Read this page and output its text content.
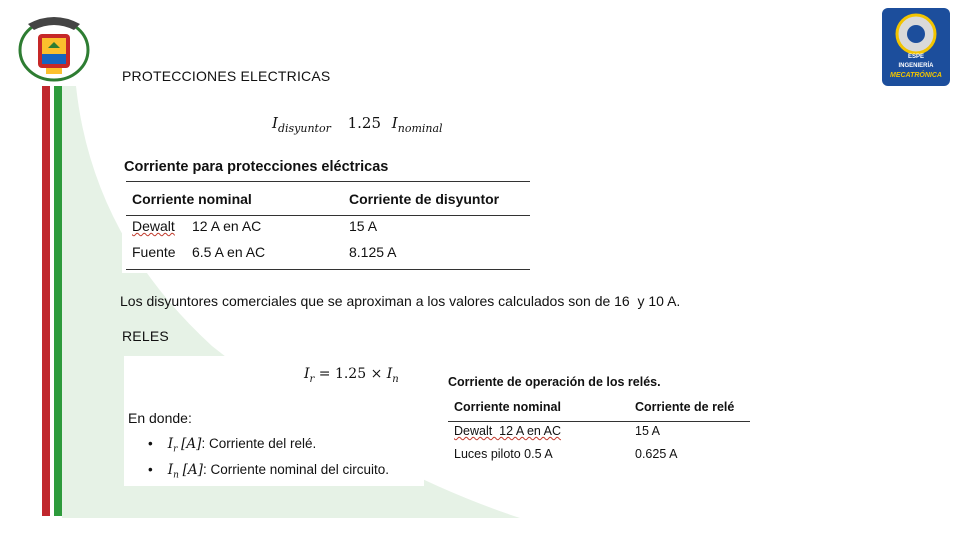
ESPE
INGENIERÍA
MECATRÓNICA
PROTECCIONES ELECTRICAS
$I_{disyuntor}$ 1.25 $I_{nominal}$
Corriente para protecciones eléctricas
Corriente nominal	Corriente de disyuntor
Dewalt 12 A en AC	15 A
Fuente 6.5 A en AC	8.125 A
Los disyuntores comerciales que se aproximan a los valores calculados son de 16  y 10 A.
RELES
$I_r = 1.25 \times I_n$
En donde:
•    $I_r$ [A]: Corriente del relé.
•    $I_n$ [A]: Corriente nominal del circuito.
Corriente de operación de los relés.
Corriente nominal	Corriente de relé
Dewalt  12 A en AC	15 A
Luces piloto 0.5 A	0.625 A
